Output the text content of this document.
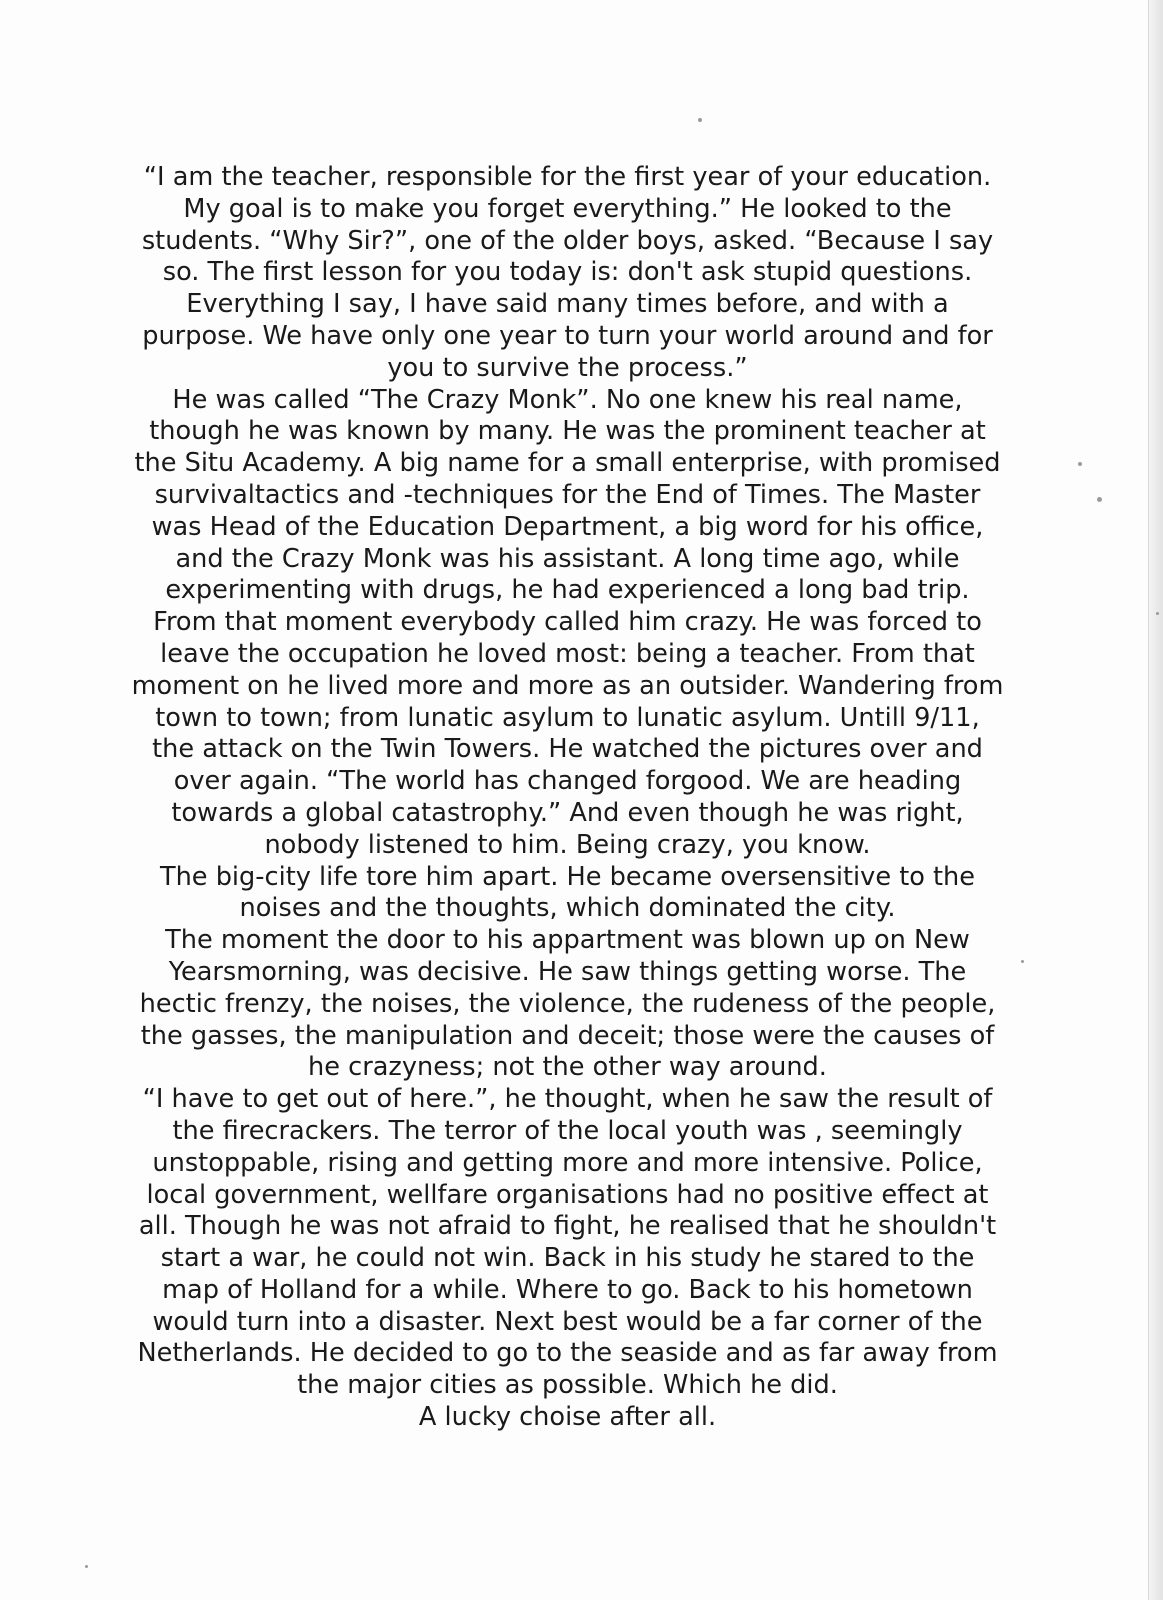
“I am the teacher, responsible for the first year of your education.
My goal is to make you forget everything.” He looked to the
students. “Why Sir?”, one of the older boys, asked. “Because I say
so. The first lesson for you today is: don't ask stupid questions.
Everything I say, I have said many times before, and with a
purpose. We have only one year to turn your world around and for
you to survive the process.”
He was called “The Crazy Monk”. No one knew his real name,
though he was known by many. He was the prominent teacher at
the Situ Academy. A big name for a small enterprise, with promised
survivaltactics and -techniques for the End of Times. The Master
was Head of the Education Department, a big word for his office,
and the Crazy Monk was his assistant. A long time ago, while
experimenting with drugs, he had experienced a long bad trip.
From that moment everybody called him crazy. He was forced to
leave the occupation he loved most: being a teacher. From that
moment on he lived more and more as an outsider. Wandering from
town to town; from lunatic asylum to lunatic asylum. Untill 9/11,
the attack on the Twin Towers. He watched the pictures over and
over again. “The world has changed forgood. We are heading
towards a global catastrophy.” And even though he was right,
nobody listened to him. Being crazy, you know.
The big-city life tore him apart. He became oversensitive to the
noises and the thoughts, which dominated the city.
The moment the door to his appartment was blown up on New
Yearsmorning, was decisive. He saw things getting worse. The
hectic frenzy, the noises, the violence, the rudeness of the people,
the gasses, the manipulation and deceit; those were the causes of
he crazyness; not the other way around.
“I have to get out of here.”, he thought, when he saw the result of
the firecrackers. The terror of the local youth was , seemingly
unstoppable, rising and getting more and more intensive. Police,
local government, wellfare organisations had no positive effect at
all. Though he was not afraid to fight, he realised that he shouldn't
start a war, he could not win. Back in his study he stared to the
map of Holland for a while. Where to go. Back to his hometown
would turn into a disaster. Next best would be a far corner of the
Netherlands. He decided to go to the seaside and as far away from
the major cities as possible. Which he did.
A lucky choise after all.
